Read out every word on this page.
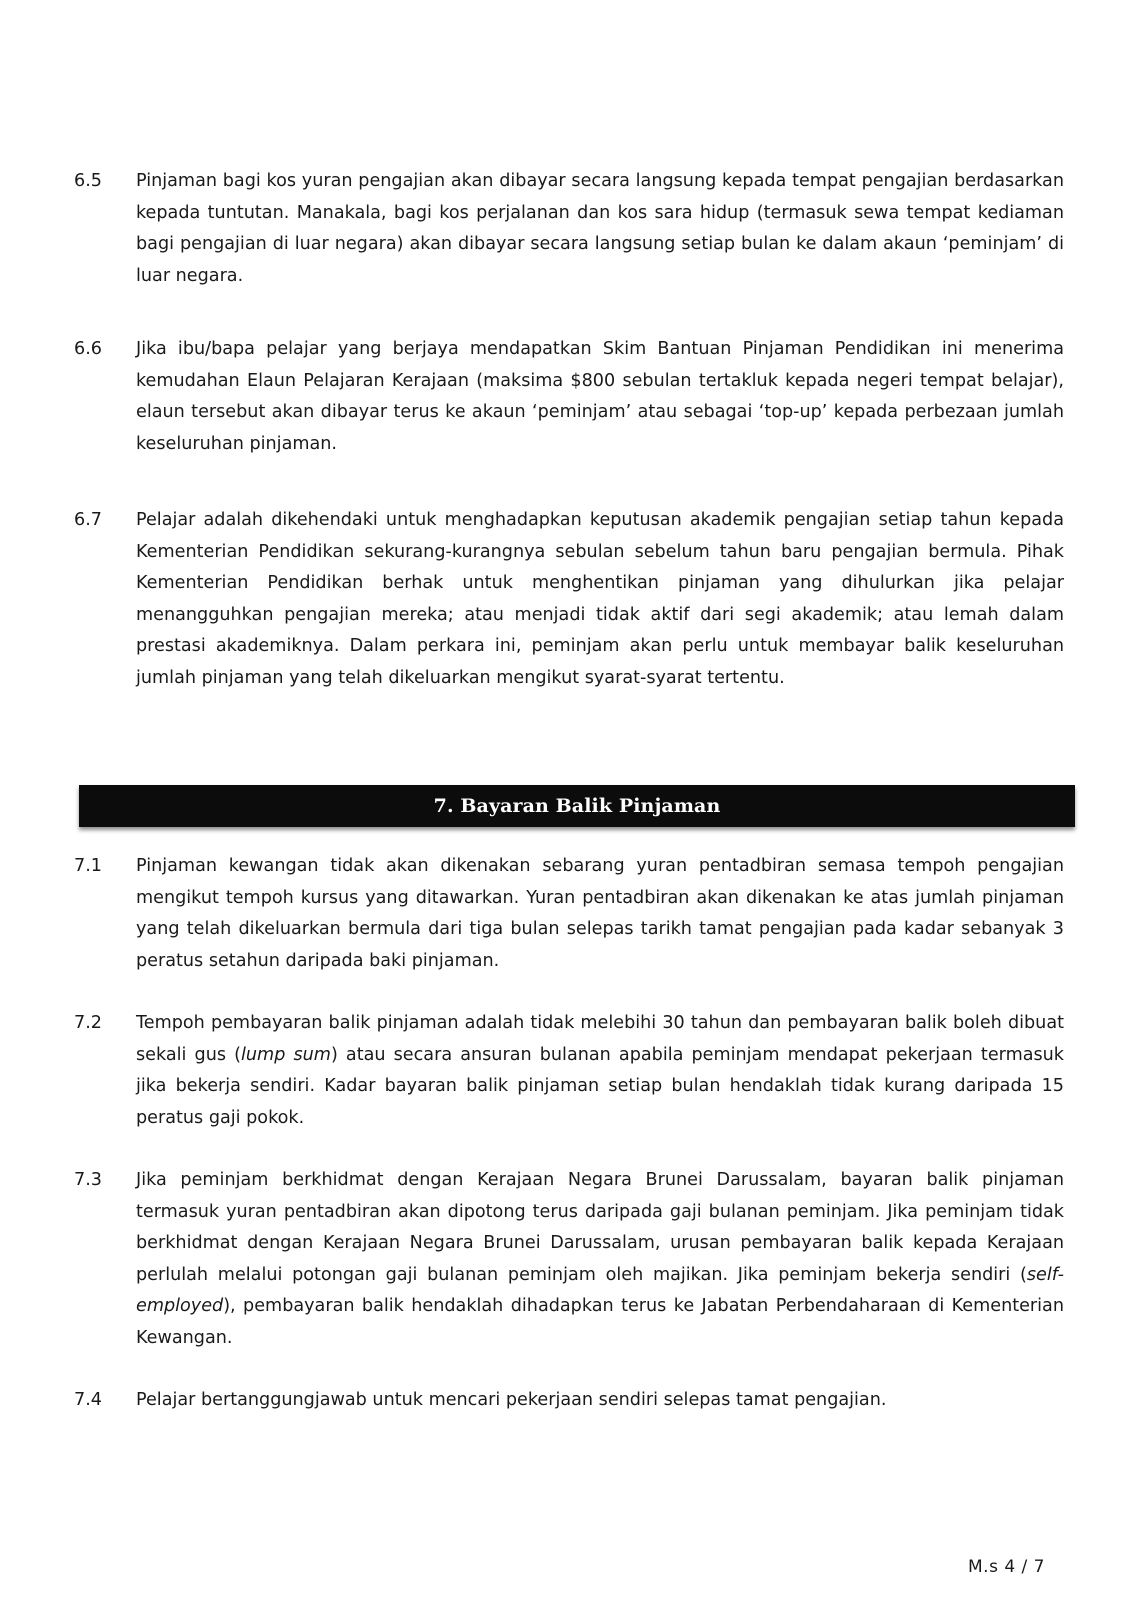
6.5	Pinjaman bagi kos yuran pengajian akan dibayar secara langsung kepada tempat pengajian berdasarkan kepada tuntutan. Manakala, bagi kos perjalanan dan kos sara hidup (termasuk sewa tempat kediaman bagi pengajian di luar negara) akan dibayar secara langsung setiap bulan ke dalam akaun ‘peminjam’ di luar negara.

6.6	Jika ibu/bapa pelajar yang berjaya mendapatkan Skim Bantuan Pinjaman Pendidikan ini menerima kemudahan Elaun Pelajaran Kerajaan (maksima $800 sebulan tertakluk kepada negeri tempat belajar), elaun tersebut akan dibayar terus ke akaun ‘peminjam’ atau sebagai ‘top-up’ kepada perbezaan jumlah keseluruhan pinjaman.

6.7	Pelajar adalah dikehendaki untuk menghadapkan keputusan akademik pengajian setiap tahun kepada Kementerian Pendidikan sekurang-kurangnya sebulan sebelum tahun baru pengajian bermula. Pihak Kementerian Pendidikan berhak untuk menghentikan pinjaman yang dihulurkan jika pelajar menangguhkan pengajian mereka; atau menjadi tidak aktif dari segi akademik; atau lemah dalam prestasi akademiknya. Dalam perkara ini, peminjam akan perlu untuk membayar balik keseluruhan jumlah pinjaman yang telah dikeluarkan mengikut syarat-syarat tertentu.

7. Bayaran Balik Pinjaman
7.1	Pinjaman kewangan tidak akan dikenakan sebarang yuran pentadbiran semasa tempoh pengajian mengikut tempoh kursus yang ditawarkan. Yuran pentadbiran akan dikenakan ke atas jumlah pinjaman yang telah dikeluarkan bermula dari tiga bulan selepas tarikh tamat pengajian pada kadar sebanyak 3 peratus setahun daripada baki pinjaman.

7.2	Tempoh pembayaran balik pinjaman adalah tidak melebihi 30 tahun dan pembayaran balik boleh dibuat sekali gus (lump sum) atau secara ansuran bulanan apabila peminjam mendapat pekerjaan termasuk jika bekerja sendiri. Kadar bayaran balik pinjaman setiap bulan hendaklah tidak kurang daripada 15 peratus gaji pokok.

7.3	Jika peminjam berkhidmat dengan Kerajaan Negara Brunei Darussalam, bayaran balik pinjaman termasuk yuran pentadbiran akan dipotong terus daripada gaji bulanan peminjam. Jika peminjam tidak berkhidmat dengan Kerajaan Negara Brunei Darussalam, urusan pembayaran balik kepada Kerajaan perlulah melalui potongan gaji bulanan peminjam oleh majikan. Jika peminjam bekerja sendiri (self-employed), pembayaran balik hendaklah dihadapkan terus ke Jabatan Perbendaharaan di Kementerian Kewangan.

7.4	Pelajar bertanggungjawab untuk mencari pekerjaan sendiri selepas tamat pengajian.

M.s 4 / 7
